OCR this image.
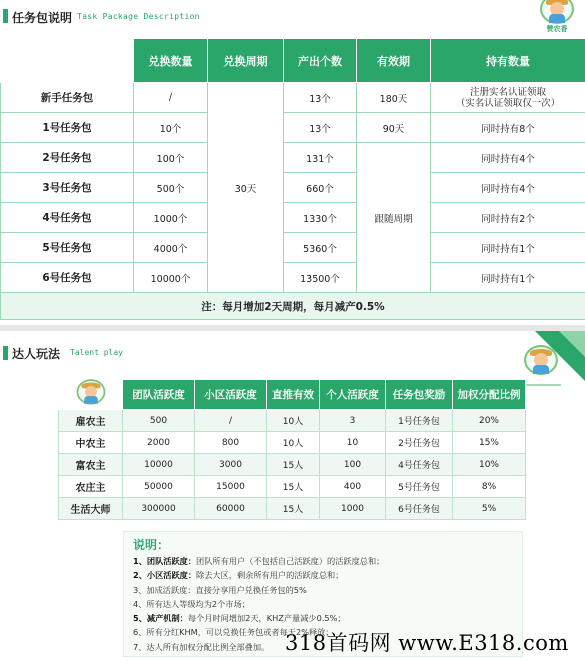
任务包说明 Task Package Description
赞农香
	兑换数量	兑换周期	产出个数	有效期	持有数量
新手任务包	/	30天	13个	180天	注册实名认证领取
（实名认证领取仅一次）

1号任务包	10个		13个	90天	同时持有8个
2号任务包	100个		131个	跟随周期	同时持有4个
3号任务包	500个		660个		同时持有4个
4号任务包	1000个		1330个		同时持有2个
5号任务包	4000个		5360个		同时持有1个
6号任务包	10000个		13500个		同时持有1个
注：每月增加2天周期，每月减产0.5%					
达人玩法 Talent play
	团队活跃度	小区活跃度	直推有效	个人活跃度	任务包奖励	加权分配比例
雇农主	500	/	10人	3	1号任务包	20%
中农主	2000	800	10人	10	2号任务包	15%
富农主	10000	3000	15人	100	4号任务包	10%
农庄主	50000	15000	15人	400	5号任务包	8%
生活大师	300000	60000	15人	1000	6号任务包	5%
说明：
1、团队活跃度：团队所有用户（不包括自己活跃度）的活跃度总和；
2、小区活跃度：除去大区，剩余所有用户的活跃度总和；
3、加成活跃度：直接分享用户兑换任务包的5%
4、所有达人等级均为2个市场；
5、减产机制：每个月时间增加2天，KHZ产量减少0.5%；
6、所有分红KHM，可以兑换任务包或者每天2%释放；
7、达人所有加权分配比例全部叠加。 318首码网 www.E318.com
